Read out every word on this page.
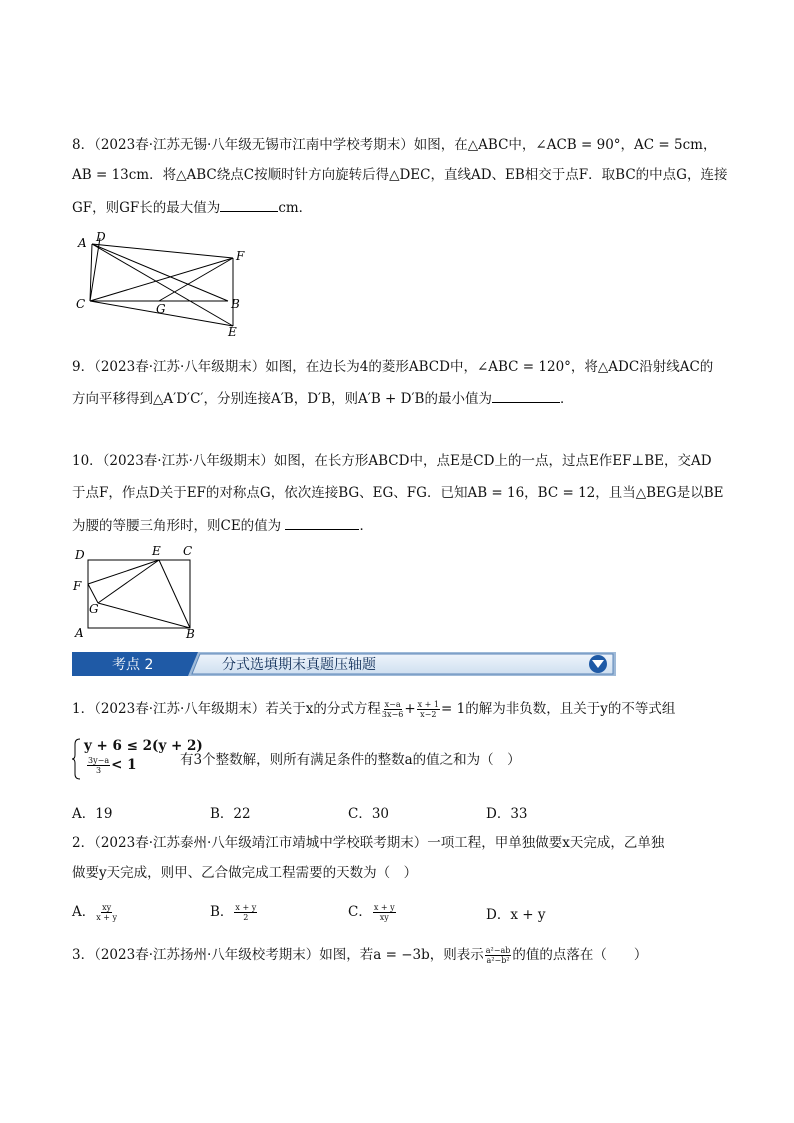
8．（2023春·江苏无锡·八年级无锡市江南中学校考期末）如图，在△ABC中，∠ACB = 90°，AC = 5cm，
AB = 13cm．将△ABC绕点C按顺时针方向旋转后得△DEC，直线AD、EB相交于点F．取BC的中点G，连接
GF，则GF长的最大值为	cm．
A D
F
C	G	B
E
9．（2023春·江苏·八年级期末）如图，在边长为4的菱形ABCD中，∠ABC = 120°，将△ADC沿射线AC的
方向平移得到△A′D′C′，分别连接A′B，D′B，则A′B + D′B的最小值为	．
10．（2023春·江苏·八年级期末）如图，在长方形ABCD中，点E是CD上的一点，过点E作EF⊥BE，交AD
于点F，作点D关于EF的对称点G，依次连接BG、EG、FG．已知AB = 16，BC = 12，且当△BEG是以BE
为腰的等腰三角形时，则CE的值为	．
D	E C
F
G
A	B
考点 2	分式选填期末真题压轴题
1．（2023春·江苏·八年级期末）若关于x的分式方程 $\frac{x-a}{3x-6} + \frac{x + 1}{x-2} = 1$的解为非负数，且关于y的不等式组
y + 6 ≤ 2(y + 2)
$\frac{3y-a}{3} < 1$	有3个整数解，则所有满足条件的整数a的值之和为（　）
A．19	B．22	C．30	D．33
2．（2023春·江苏泰州·八年级靖江市靖城中学校联考期末）一项工程，甲单独做要x天完成，乙单独
做要y天完成，则甲、乙合做完成工程需要的天数为（　）
A． $\frac{xy}{x + y}$	B． $\frac{x + y}{2}$	C． $\frac{x + y}{xy}$	D．x + y
3．（2023春·江苏扬州·八年级校考期末）如图，若a = −3b，则表示 $\frac{\text{a²−ab}}{\text{a²−b²}}$ 的值的点落在（　　）
